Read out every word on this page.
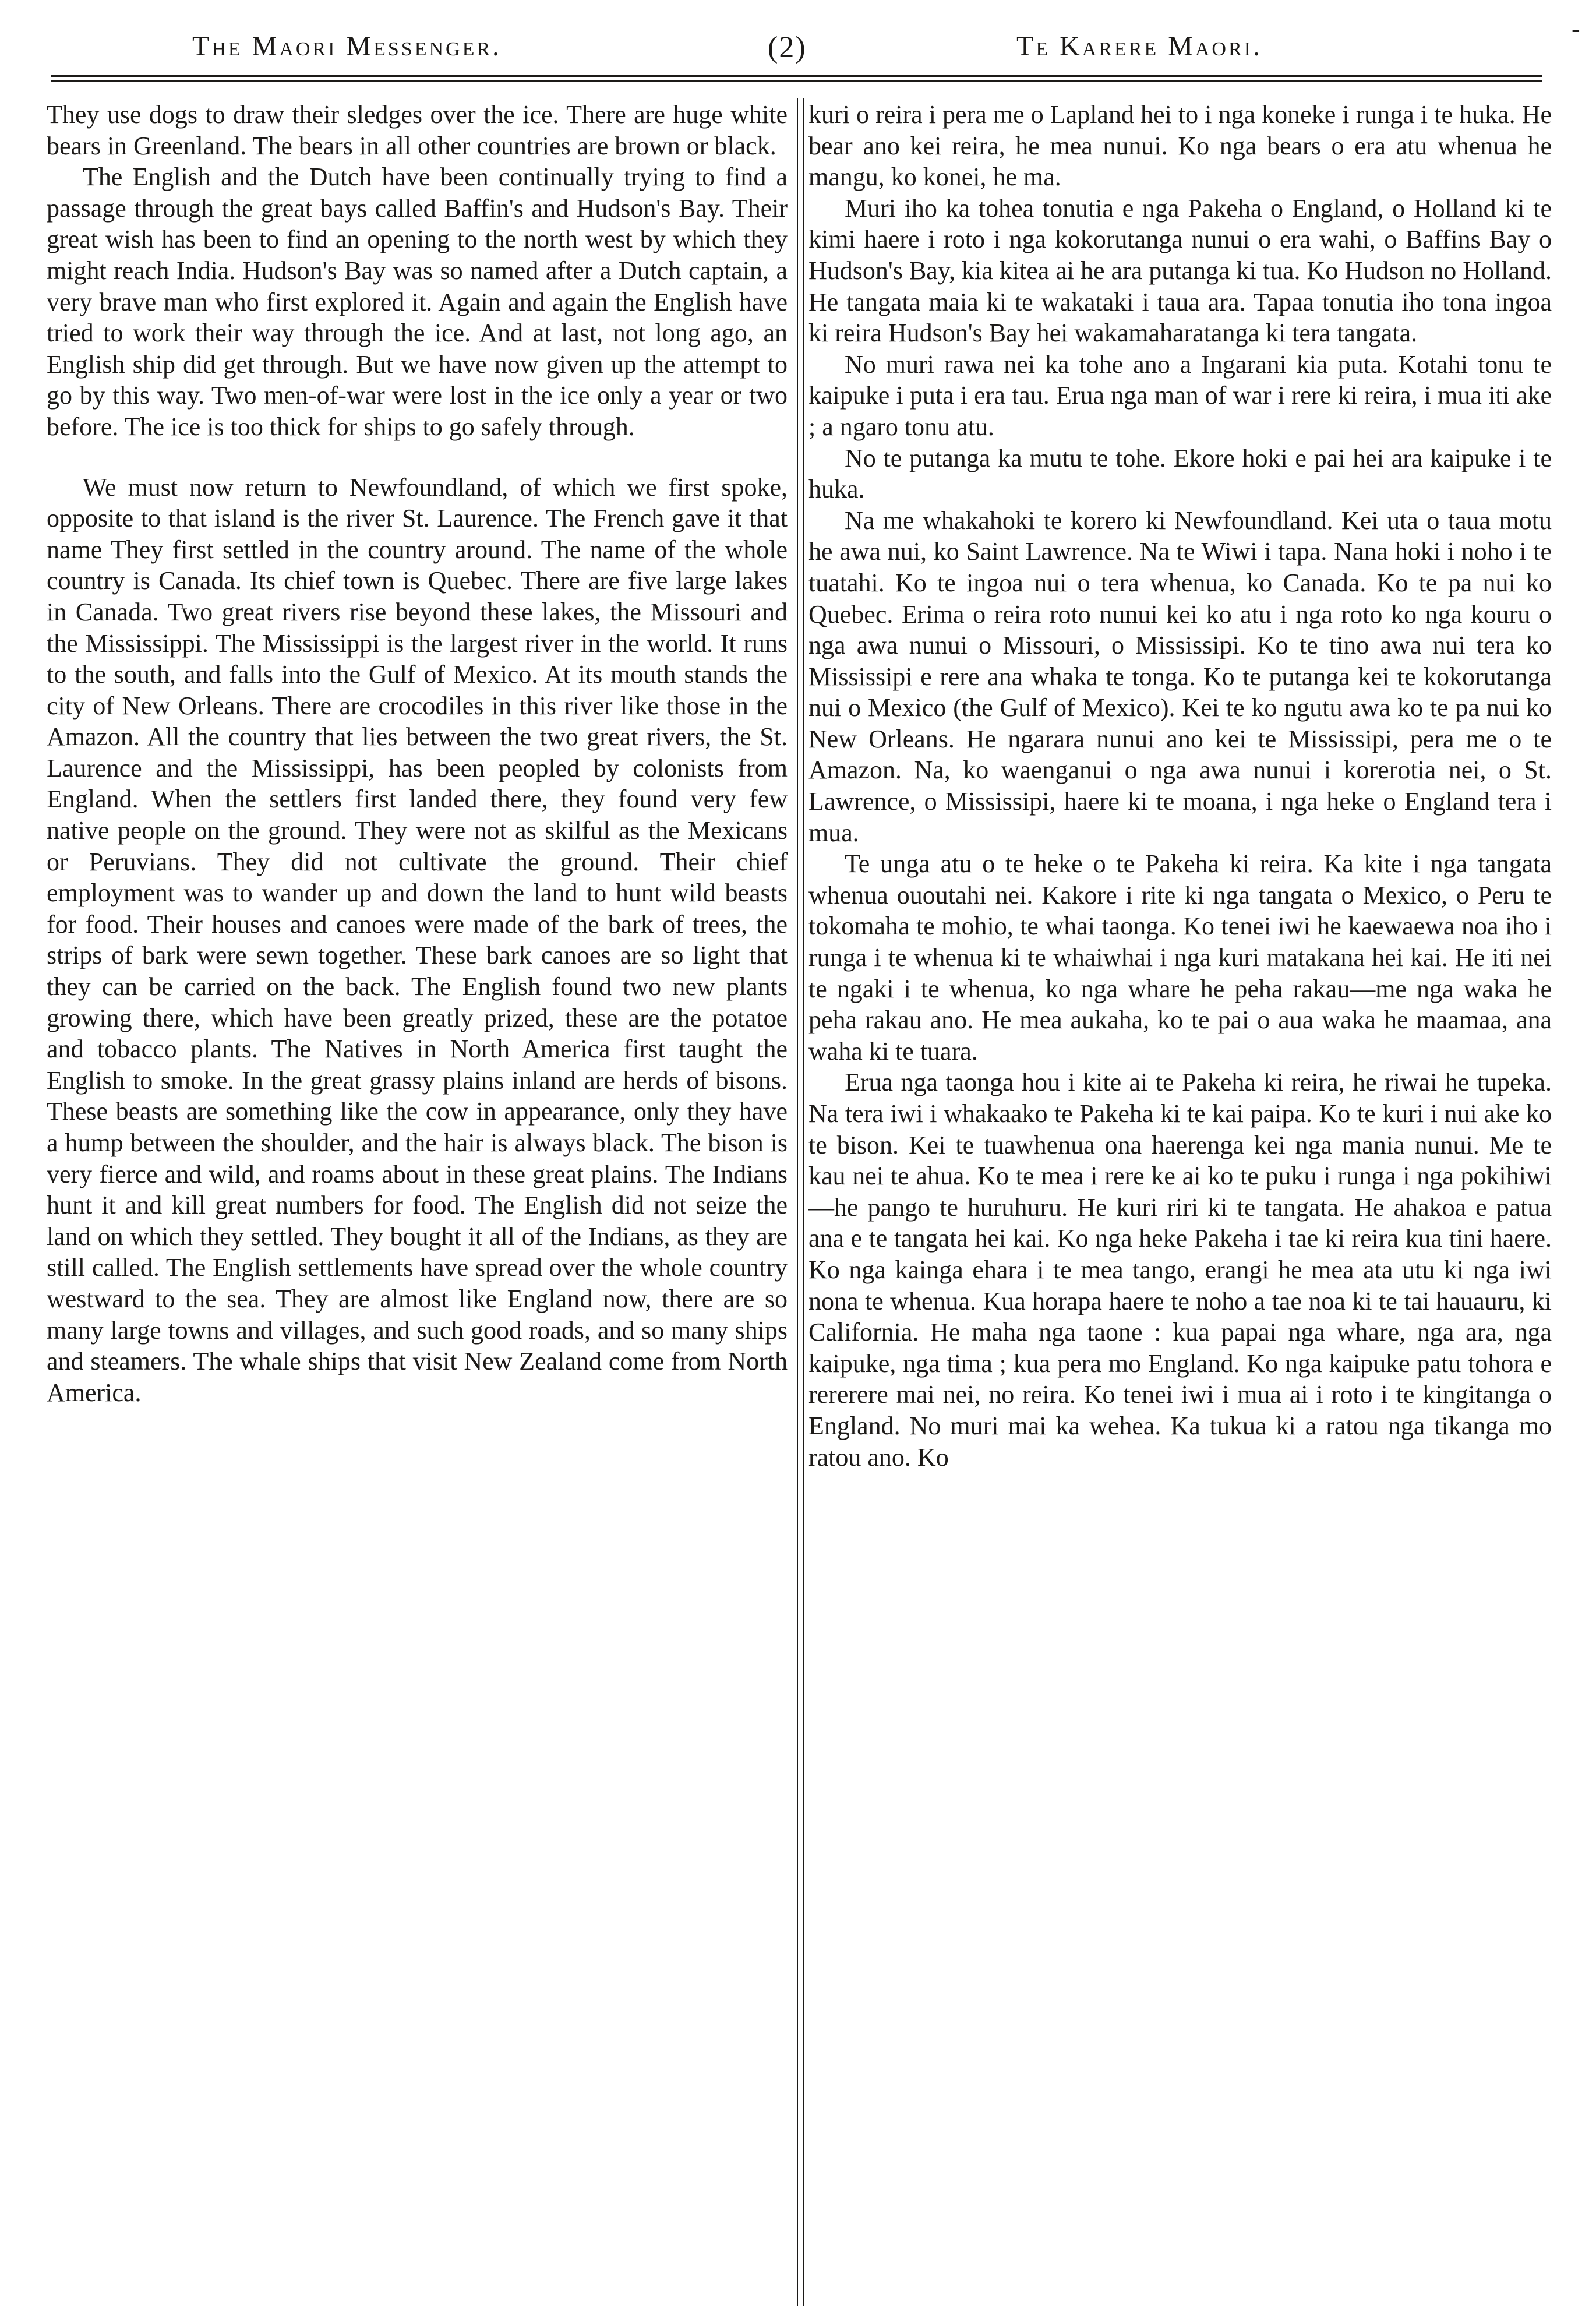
-
The Maori Messenger.	(2)	Te Karere Maori.

They use dogs to draw their sledges over the ice. There are huge white bears in Greenland. The bears in all other countries are brown or black.

The English and the Dutch have been continually trying to find a passage through the great bays called Baffin's and Hudson's Bay. Their great wish has been to find an opening to the north west by which they might reach India. Hudson's Bay was so named after a Dutch captain, a very brave man who first explored it. Again and again the English have tried to work their way through the ice. And at last, not long ago, an English ship did get through. But we have now given up the attempt to go by this way. Two men-of-war were lost in the ice only a year or two before. The ice is too thick for ships to go safely through.

We must now return to Newfoundland, of which we first spoke, opposite to that island is the river St. Laurence. The French gave it that name They first settled in the country around. The name of the whole country is Canada. Its chief town is Quebec. There are five large lakes in Canada. Two great rivers rise beyond these lakes, the Missouri and the Mississippi. The Mississippi is the largest river in the world. It runs to the south, and falls into the Gulf of Mexico. At its mouth stands the city of New Orleans. There are crocodiles in this river like those in the Amazon. All the country that lies between the two great rivers, the St. Laurence and the Mississippi, has been peopled by colonists from England. When the settlers first landed there, they found very few native people on the ground. They were not as skilful as the Mexicans or Peruvians. They did not cultivate the ground. Their chief employment was to wander up and down the land to hunt wild beasts for food. Their houses and canoes were made of the bark of trees, the strips of bark were sewn together. These bark canoes are so light that they can be carried on the back. The English found two new plants growing there, which have been greatly prized, these are the potatoe and tobacco plants. The Natives in North America first taught the English to smoke. In the great grassy plains inland are herds of bisons. These beasts are something like the cow in appearance, only they have a hump between the shoulder, and the hair is always black. The bison is very fierce and wild, and roams about in these great plains. The Indians hunt it and kill great numbers for food. The English did not seize the land on which they settled. They bought it all of the Indians, as they are still called. The English settlements have spread over the whole country westward to the sea. They are almost like England now, there are so many large towns and villages, and such good roads, and so many ships and steamers. The whale ships that visit New Zealand come from North America.

kuri o reira i pera me o Lapland hei to i nga koneke i runga i te huka. He bear ano kei reira, he mea nunui. Ko nga bears o era atu whenua he mangu, ko konei, he ma.

Muri iho ka tohea tonutia e nga Pakeha o England, o Holland ki te kimi haere i roto i nga kokorutanga nunui o era wahi, o Baffins Bay o Hudson's Bay, kia kitea ai he ara putanga ki tua. Ko Hudson no Holland. He tangata maia ki te wakataki i taua ara. Tapaa tonutia iho tona ingoa ki reira Hudson's Bay hei wakamaharatanga ki tera tangata.

No muri rawa nei ka tohe ano a Ingarani kia puta. Kotahi tonu te kaipuke i puta i era tau. Erua nga man of war i rere ki reira, i mua iti ake ; a ngaro tonu atu.

No te putanga ka mutu te tohe. Ekore hoki e pai hei ara kaipuke i te huka.

Na me whakahoki te korero ki Newfoundland. Kei uta o taua motu he awa nui, ko Saint Lawrence. Na te Wiwi i tapa. Nana hoki i noho i te tuatahi. Ko te ingoa nui o tera whenua, ko Canada. Ko te pa nui ko Quebec. Erima o reira roto nunui kei ko atu i nga roto ko nga kouru o nga awa nunui o Missouri, o Mississipi. Ko te tino awa nui tera ko Mississipi e rere ana whaka te tonga. Ko te putanga kei te kokorutanga nui o Mexico (the Gulf of Mexico). Kei te ko ngutu awa ko te pa nui ko New Orleans. He ngarara nunui ano kei te Mississipi, pera me o te Amazon. Na, ko waenganui o nga awa nunui i korerotia nei, o St. Lawrence, o Mississipi, haere ki te moana, i nga heke o England tera i mua.

Te unga atu o te heke o te Pakeha ki reira. Ka kite i nga tangata whenua ououtahi nei. Kakore i rite ki nga tangata o Mexico, o Peru te tokomaha te mohio, te whai taonga. Ko tenei iwi he kaewaewa noa iho i runga i te whenua ki te whaiwhai i nga kuri matakana hei kai. He iti nei te ngaki i te whenua, ko nga whare he peha rakau—me nga waka he peha rakau ano. He mea aukaha, ko te pai o aua waka he maamaa, ana waha ki te tuara.

Erua nga taonga hou i kite ai te Pakeha ki reira, he riwai he tupeka. Na tera iwi i whakaako te Pakeha ki te kai paipa. Ko te kuri i nui ake ko te bison. Kei te tuawhenua ona haerenga kei nga mania nunui. Me te kau nei te ahua. Ko te mea i rere ke ai ko te puku i runga i nga pokihiwi—he pango te huruhuru. He kuri riri ki te tangata. He ahakoa e patua ana e te tangata hei kai. Ko nga heke Pakeha i tae ki reira kua tini haere. Ko nga kainga ehara i te mea tango, erangi he mea ata utu ki nga iwi nona te whenua. Kua horapa haere te noho a tae noa ki te tai hauauru, ki California. He maha nga taone : kua papai nga whare, nga ara, nga kaipuke, nga tima ; kua pera mo England. Ko nga kaipuke patu tohora e rererere mai nei, no reira. Ko tenei iwi i mua ai i roto i te kingitanga o England. No muri mai ka wehea. Ka tukua ki a ratou nga tikanga mo ratou ano. Ko
